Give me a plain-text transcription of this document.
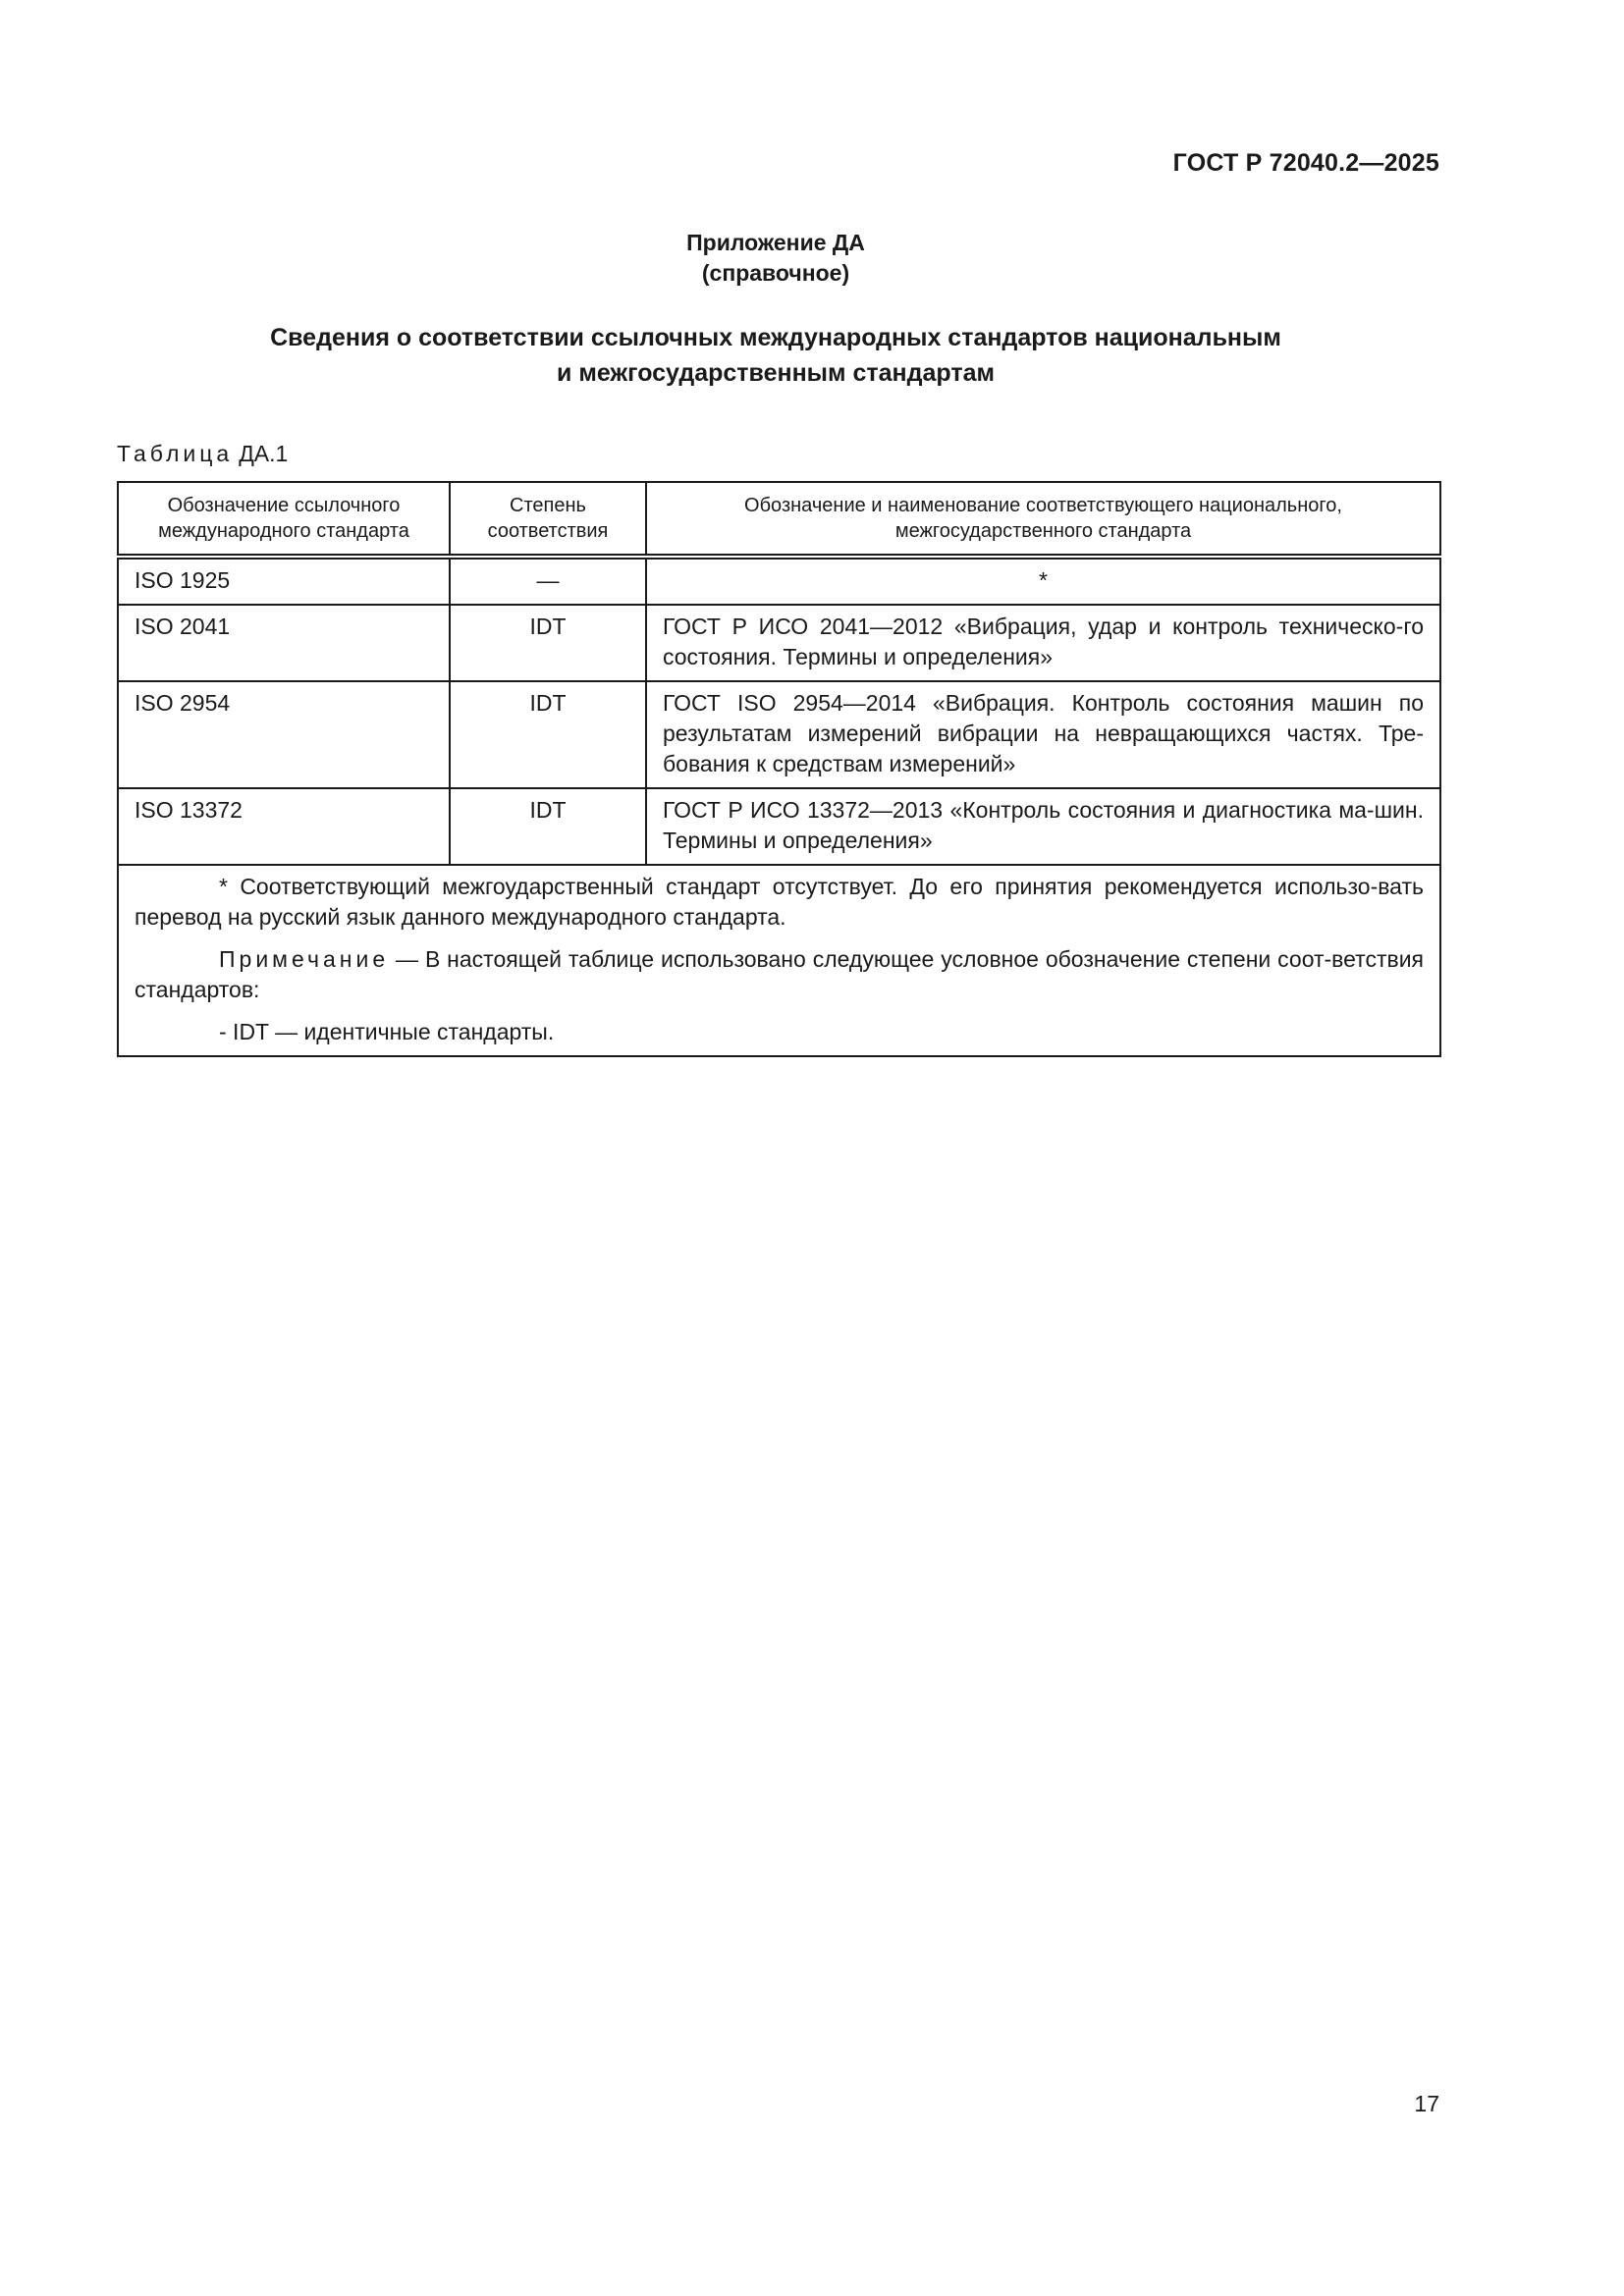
ГОСТ Р 72040.2—2025
Приложение ДА
(справочное)
Сведения о соответствии ссылочных международных стандартов национальным
и межгосударственным стандартам
Таблица ДА.1
Обозначение ссылочного международного стандарта	Степень соответствия	Обозначение и наименование соответствующего национального, межгосударственного стандарта
ISO 1925	—	*
ISO 2041	IDT	ГОСТ Р ИСО 2041—2012 «Вибрация, удар и контроль техническо-го состояния. Термины и определения»
ISO 2954	IDT	ГОСТ ISO 2954—2014 «Вибрация. Контроль состояния машин по результатам измерений вибрации на невращающихся частях. Тре-бования к средствам измерений»
ISO 13372	IDT	ГОСТ Р ИСО 13372—2013 «Контроль состояния и диагностика ма-шин. Термины и определения»

* Соответствующий межгоударственный стандарт отсутствует. До его принятия рекомендуется использо-вать перевод на русский язык данного международного стандарта.

Примечание — В настоящей таблице использовано следующее условное обозначение степени соот-ветствия стандартов:

- IDT — идентичные стандарты.		

17
